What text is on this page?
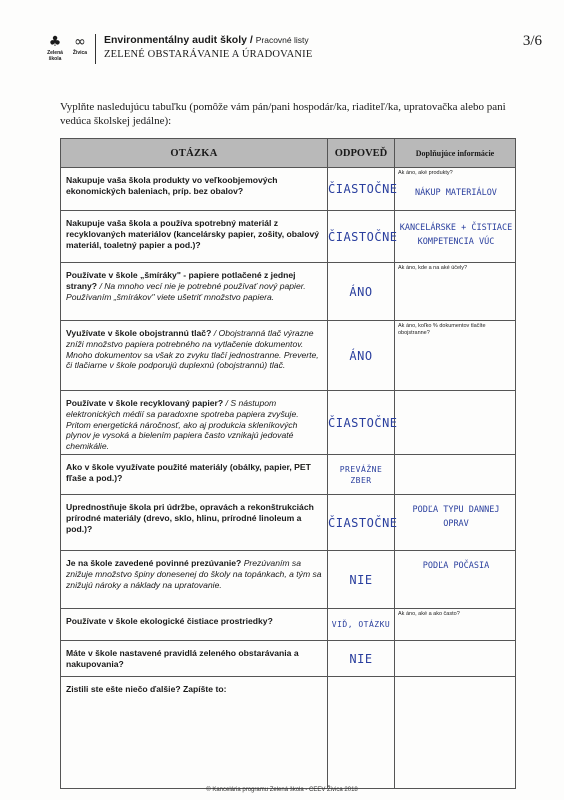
♣
Zelená škola
∞
Živica
Environmentálny audit školy / Pracovné listy
ZELENÉ OBSTARÁVANIE A ÚRADOVANIE
3/6
Vyplňte nasledujúcu tabuľku (pomôže vám pán/pani hospodár/ka, riaditeľ/ka, upratovačka alebo pani vedúca školskej jedálne):
OTÁZKA	ODPOVEĎ	Doplňujúce informácie
Nakupuje vaša škola produkty vo veľkoobjemových ekonomických baleniach, príp. bez obalov?	ČIASTOČNE	Ak áno, aké produkty?
NÁKUP MATERIÁLOV

Nakupuje vaša škola a používa spotrebný materiál z recyklovaných materiálov (kancelársky papier, zošity, obalový materiál, toaletný papier a pod.)?	ČIASTOČNE	KANCELÁRSKE + ČISTIACE KOMPETENCIA VÚC

Používate v škole „šmíráky" - papiere potlačené z jednej strany? / Na mnoho vecí nie je potrebné používať nový papier. Používaním „šmírákov" viete ušetriť množstvo papiera.	ÁNO	Ak áno, kde a na aké účely?

Využívate v škole obojstrannú tlač? / Obojstranná tlač výrazne zníži množstvo papiera potrebného na vytlačenie dokumentov. Mnoho dokumentov sa však zo zvyku tlačí jednostranne. Preverte, či tlačiarne v škole podporujú duplexnú (obojstrannú) tlač.	ÁNO	Ak áno, koľko % dokumentov tlačíte obojstranne?

Používate v škole recyklovaný papier? / S nástupom elektronických médií sa paradoxne spotreba papiera zvyšuje. Pritom energetická náročnosť, ako aj produkcia skleníkových plynov je vysoká a bielením papiera často vznikajú jedovaté chemikálie.	ČIASTOČNE	

Ako v škole využívate použité materiály (obálky, papier, PET fľaše a pod.)?	PREVÁŽNE ZBER	

Uprednostňuje škola pri údržbe, opravách a rekonštrukciách prírodné materiály (drevo, sklo, hlinu, prírodné linoleum a pod.)?	ČIASTOČNE	PODĽA TYPU DANNEJ OPRAV

Je na škole zavedené povinné prezúvanie? Prezúvaním sa znižuje množstvo špiny donesenej do školy na topánkach, a tým sa znižujú nároky a náklady na upratovanie.	NIE	PODĽA POČASIA

Používate v škole ekologické čistiace prostriedky?	VIĎ, OTÁZKU	Ak áno, aké a ako často?

Máte v škole nastavené pravidlá zeleného obstarávania a nakupovania?	NIE	

Zistili ste ešte niečo ďalšie? Zapíšte to:		
© Kancelária programu Zelená škola - CEEV Živica 2018
